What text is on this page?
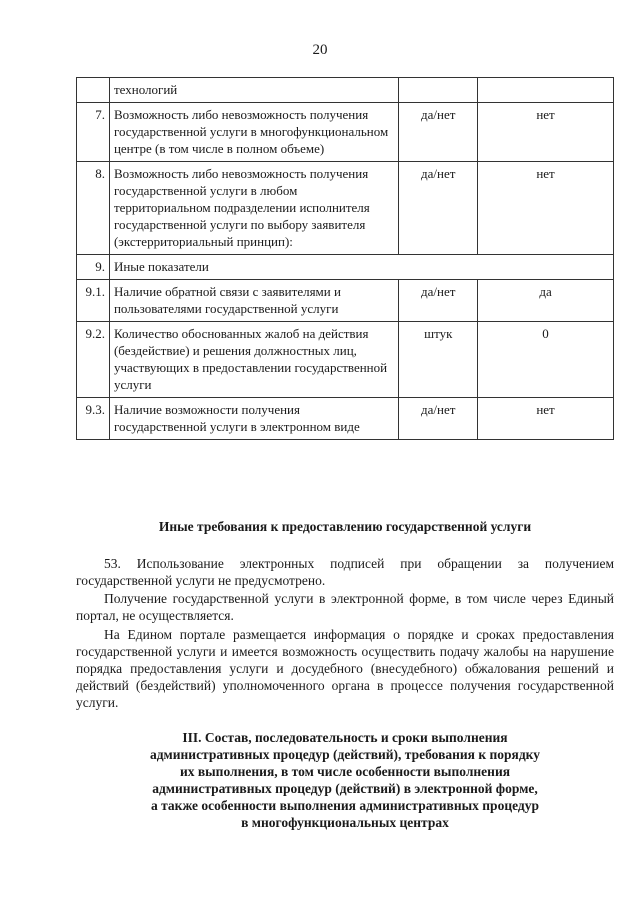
20
	технологий		
7.	Возможность либо невозможность получения государственной услуги в многофункциональном центре (в том числе в полном объеме)	да/нет	нет
8.	Возможность либо невозможность получения государственной услуги в любом территориальном подразделении исполнителя государственной услуги по выбору заявителя (экстерриториальный принцип):	да/нет	нет
9.	Иные показатели		
9.1.	Наличие обратной связи с заявителями и пользователями государственной услуги	да/нет	да
9.2.	Количество обоснованных жалоб на действия (бездействие) и решения должностных лиц, участвующих в предоставлении государственной услуги	штук	0
9.3.	Наличие возможности получения государственной услуги в электронном виде	да/нет	нет
Иные требования к предоставлению государственной услуги

53. Использование электронных подписей при обращении за получением государственной услуги не предусмотрено.

Получение государственной услуги в электронной форме, в том числе через Единый портал, не осуществляется.

На Едином портале размещается информация о порядке и сроках предоставления государственной услуги и имеется возможность осуществить подачу жалобы на нарушение порядка предоставления услуги и досудебного (внесудебного) обжалования решений и действий (бездействий) уполномоченного органа в процессе получения государственной услуги.

III. Состав, последовательность и сроки выполнения
административных процедур (действий), требования к порядку
их выполнения, в том числе особенности выполнения
административных процедур (действий) в электронной форме,
а также особенности выполнения административных процедур
в многофункциональных центрах
